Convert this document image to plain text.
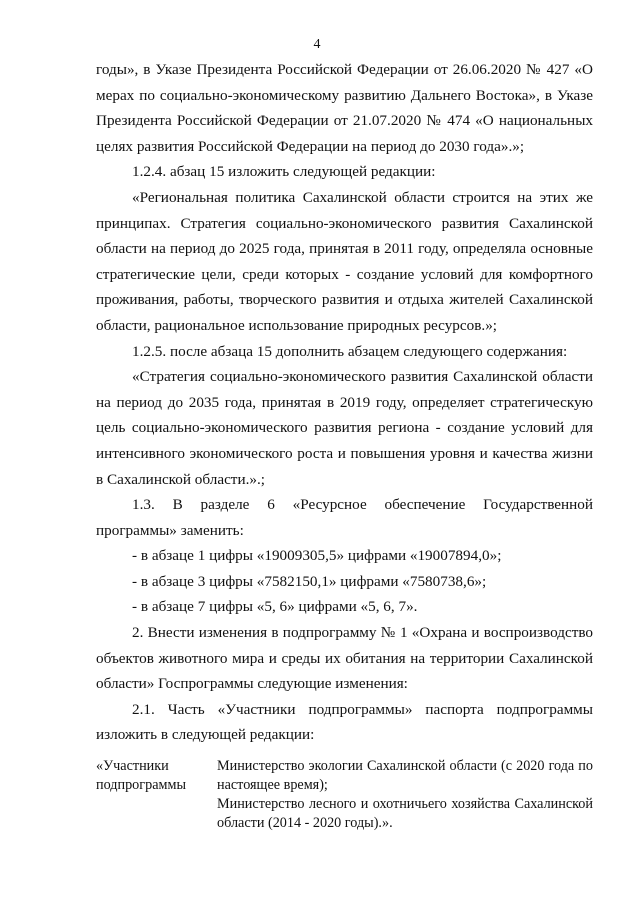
4

годы», в Указе Президента Российской Федерации от 26.06.2020 № 427 «О мерах по социально-экономическому развитию Дальнего Востока», в Указе Президента Российской Федерации от 21.07.2020 № 474 «О национальных целях развития Российской Федерации на период до 2030 года».»;

1.2.4. абзац 15 изложить следующей редакции:

«Региональная политика Сахалинской области строится на этих же принципах. Стратегия социально-экономического развития Сахалинской области на период до 2025 года, принятая в 2011 году, определяла основные стратегические цели, среди которых - создание условий для комфортного проживания, работы, творческого развития и отдыха жителей Сахалинской области, рациональное использование природных ресурсов.»;

1.2.5. после абзаца 15 дополнить абзацем следующего содержания:

«Стратегия социально-экономического развития Сахалинской области на период до 2035 года, принятая в 2019 году, определяет стратегическую цель социально-экономического развития региона - создание условий для интенсивного экономического роста и повышения уровня и качества жизни в Сахалинской области.».;

1.3. В разделе 6 «Ресурсное обеспечение Государственной программы» заменить:

- в абзаце 1 цифры «19009305,5» цифрами «19007894,0»;

- в абзаце 3 цифры «7582150,1» цифрами «7580738,6»;

- в абзаце 7 цифры «5, 6» цифрами «5, 6, 7».

2. Внести изменения в подпрограмму № 1 «Охрана и воспроизводство объектов животного мира и среды их обитания на территории Сахалинской области» Госпрограммы следующие изменения:

2.1. Часть «Участники подпрограммы» паспорта подпрограммы изложить в следующей редакции:

«Участники подпрограммы

Министерство экологии Сахалинской области (с 2020 года по настоящее время);

Министерство лесного и охотничьего хозяйства Сахалинской области (2014 - 2020 годы).».
